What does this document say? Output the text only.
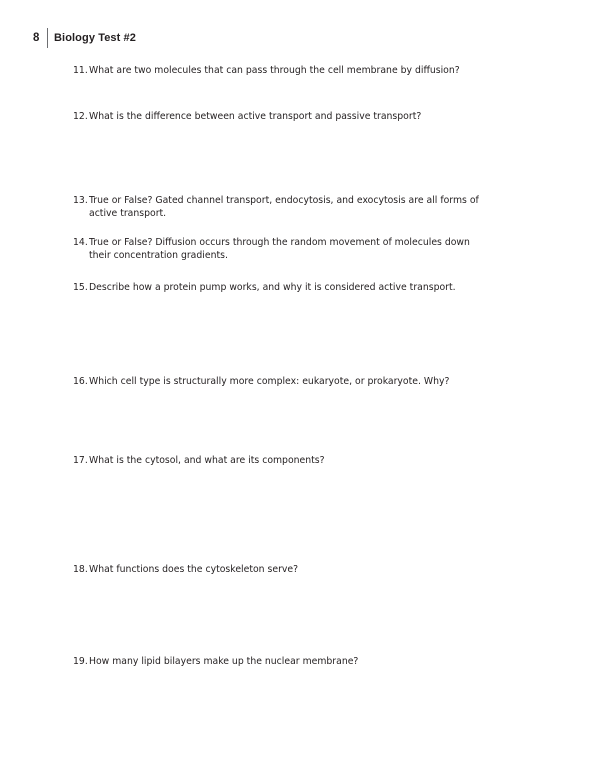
8	Biology Test #2
11. What are two molecules that can pass through the cell membrane by diffusion?
12. What is the difference between active transport and passive transport?
13. True or False? Gated channel transport, endocytosis, and exocytosis are all forms of active transport.
14. True or False? Diffusion occurs through the random movement of molecules down their concentration gradients.
15. Describe how a protein pump works, and why it is considered active transport.
16. Which cell type is structurally more complex: eukaryote, or prokaryote. Why?
17. What is the cytosol, and what are its components?
18. What functions does the cytoskeleton serve?
19. How many lipid bilayers make up the nuclear membrane?
